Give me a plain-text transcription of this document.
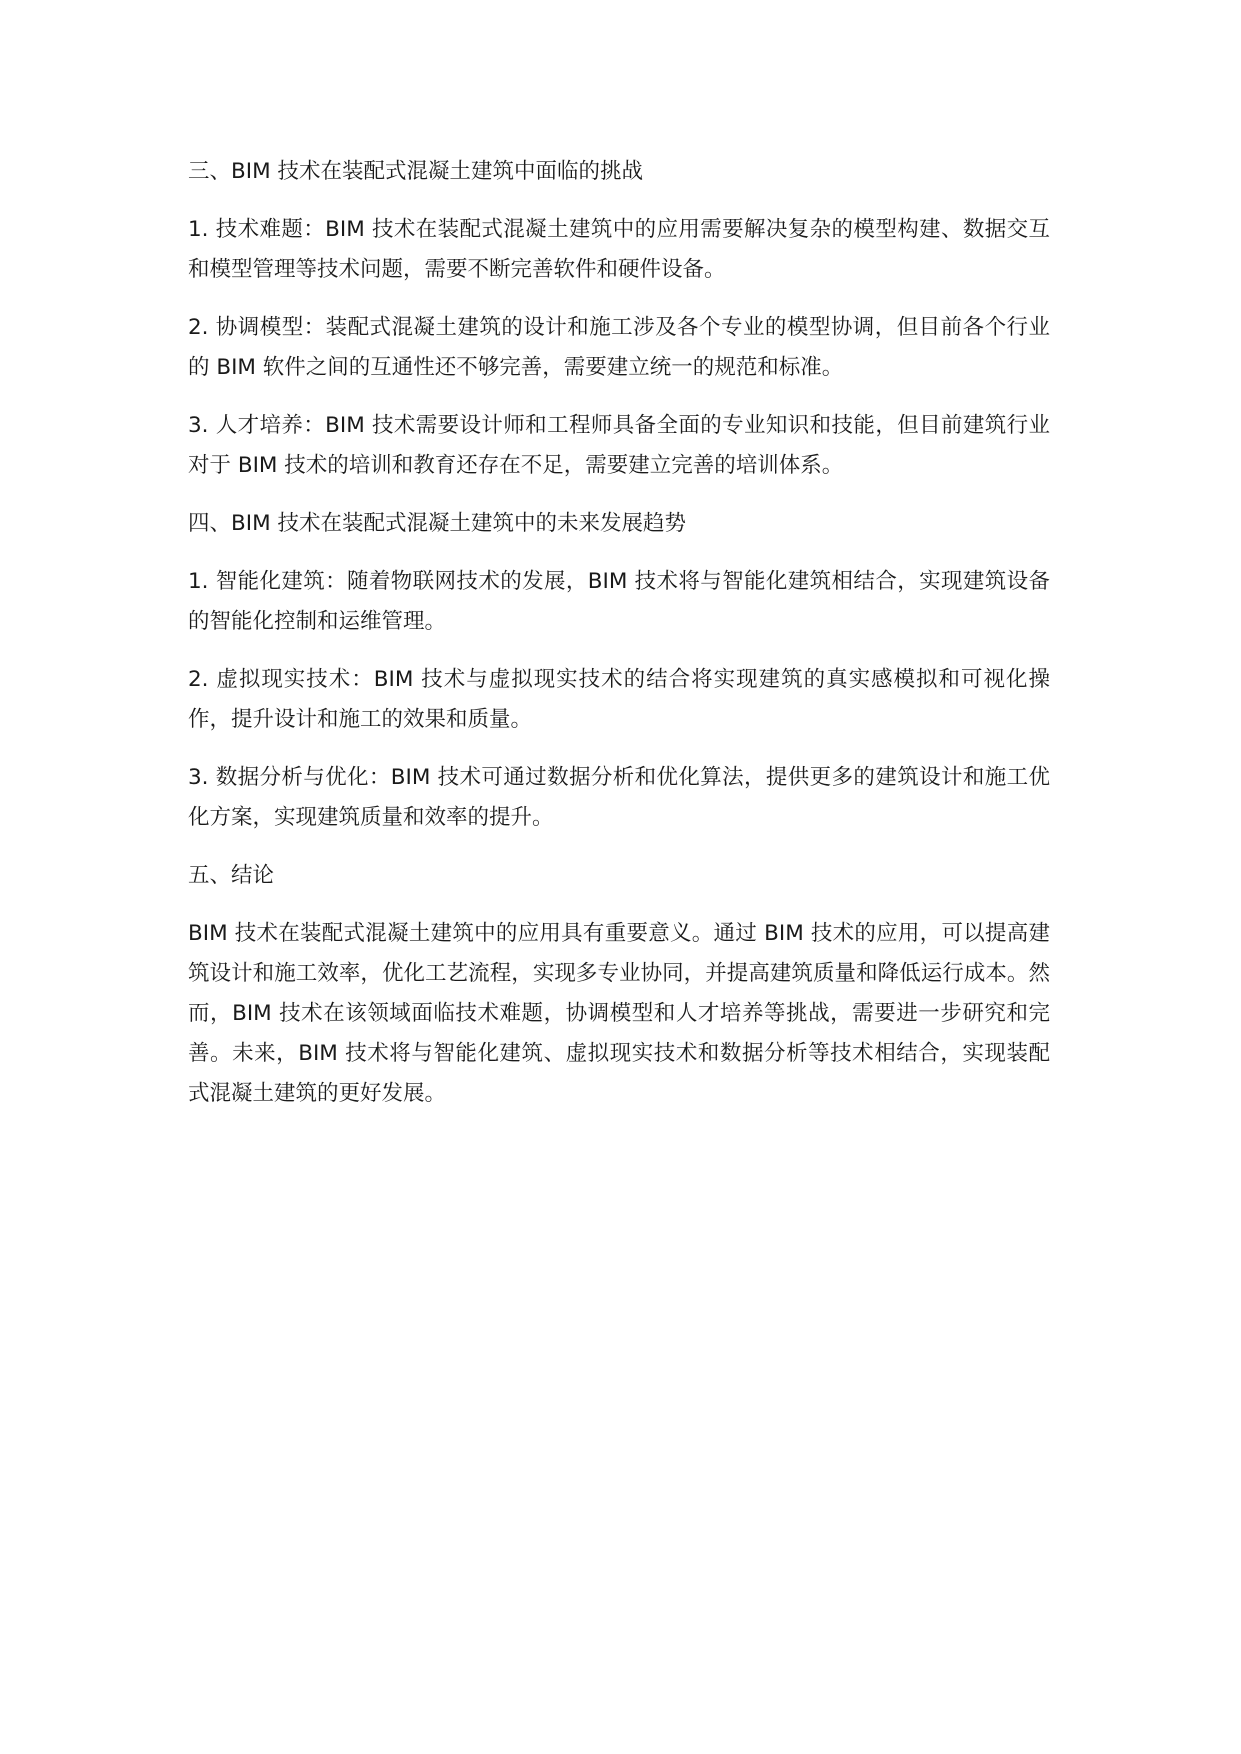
三、BIM 技术在装配式混凝土建筑中面临的挑战

1. 技术难题：BIM 技术在装配式混凝土建筑中的应用需要解决复杂的模型构建、数据交互和模型管理等技术问题，需要不断完善软件和硬件设备。

2. 协调模型：装配式混凝土建筑的设计和施工涉及各个专业的模型协调，但目前各个行业的 BIM 软件之间的互通性还不够完善，需要建立统一的规范和标准。

3. 人才培养：BIM 技术需要设计师和工程师具备全面的专业知识和技能，但目前建筑行业对于 BIM 技术的培训和教育还存在不足，需要建立完善的培训体系。

四、BIM 技术在装配式混凝土建筑中的未来发展趋势

1. 智能化建筑：随着物联网技术的发展，BIM 技术将与智能化建筑相结合，实现建筑设备的智能化控制和运维管理。

2. 虚拟现实技术：BIM 技术与虚拟现实技术的结合将实现建筑的真实感模拟和可视化操作，提升设计和施工的效果和质量。

3. 数据分析与优化：BIM 技术可通过数据分析和优化算法，提供更多的建筑设计和施工优化方案，实现建筑质量和效率的提升。

五、结论

BIM 技术在装配式混凝土建筑中的应用具有重要意义。通过 BIM 技术的应用，可以提高建筑设计和施工效率，优化工艺流程，实现多专业协同，并提高建筑质量和降低运行成本。然而，BIM 技术在该领域面临技术难题，协调模型和人才培养等挑战，需要进一步研究和完善。未来，BIM 技术将与智能化建筑、虚拟现实技术和数据分析等技术相结合，实现装配式混凝土建筑的更好发展。
